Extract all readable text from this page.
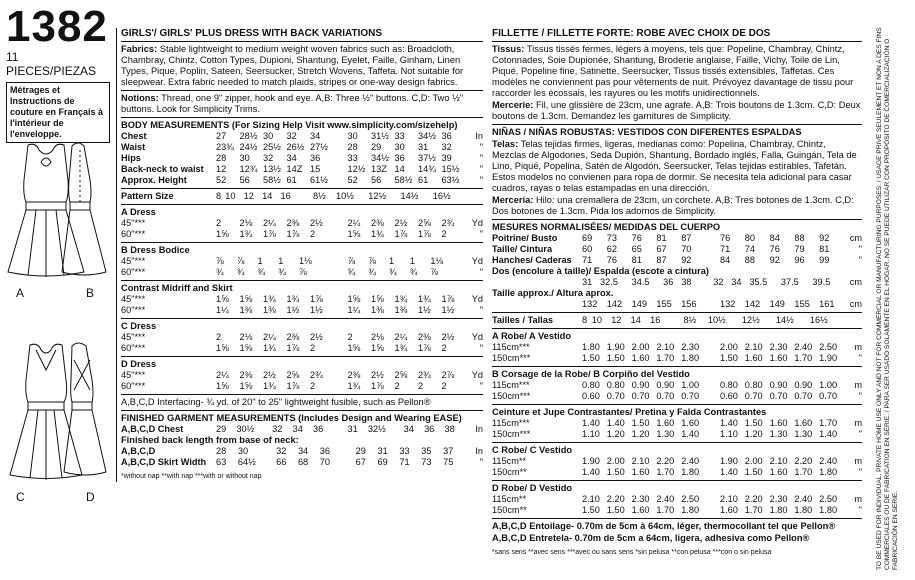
1382
11 PIECES/PIEZAS
Métrages et Instructions de couture en Français à l'intérieur de l'enveloppe.
A	B
C	D
GIRLS'/ GIRLS' PLUS DRESS WITH BACK VARIATIONS
Fabrics: Stable lightweight to medium weight woven fabrics such as: Broadcloth, Chambray, Chintz, Cotton Types, Dupioni, Shantung, Eyelet, Faille, Ginham, Linen Types, Pique, Poplin, Sateen, Seersucker, Stretch Wovens, Taffeta. Not suitable for sleepwear. Extra fabric needed to match plaids, stripes or one-way design fabrics.
Notions: Thread, one 9" zipper, hook and eye. A,B: Three ½" buttons. C,D: Two ½" buttons. Look for Simplicity Trims.
BODY MEASUREMENTS (For Sizing Help Visit www.simplicity.com/sizehelp)
Chest	27	28½	30	32	34		30	31½	33	34½	36	In
Waist	23¾	24½	25½	26½	27½		28	29	30	31	32	"
Hips	28	30	32	34	36		33	34½	36	37½	39	"
Back-neck to waist	12	12¾	13½	14Z	15		12½	13Z	14	14¾	15½	"
Approx. Height	52	56	58½	61	61½		52	56	58½	61	63½	"
Pattern Size	8	10	12	14	16		8½	10½	12½	14½	16½	
A Dress
45"***	2	2⅛	2¼	2⅜	2½		2¼	2⅜	2½	2⅝	2¾	Yd
60"***	1⅝	1¾	1⅞	1⅞	2		1⅝	1¾	1⅞	1⅞	2	"
B Dress Bodice
45"***	⅞	⅞	1	1	1⅛		⅞	⅞	1	1	1⅛	Yd
60"***	¾	¾	¾	¾	⅞		¾	¾	¾	¾	⅞	"
Contrast Midriff and Skirt
45"***	1⅝	1⅝	1¾	1¾	1⅞		1⅝	1⅝	1¾	1¾	1⅞	Yd
60"***	1¼	1⅜	1⅜	1½	1½		1¼	1⅜	1⅜	1½	1½	"
C Dress
45"***	2	2⅛	2¼	2⅜	2½		2	2⅛	2¼	2⅜	2½	Yd
60"***	1⅝	1⅝	1¾	1⅞	2		1⅝	1⅝	1¾	1⅞	2	"
D Dress
45"***	2¼	2⅜	2½	2⅝	2¾		2⅜	2½	2⅝	2¾	2⅞	Yd
60"***	1⅝	1⅝	1¾	1⅞	2		1¾	1⅞	2	2	2	"
A,B,C,D Interfacing- ¾ yd. of 20" to 25" lightweight fusible, such as Pellon®
FINISHED GARMENT MEASUREMENTS (Includes Design and Wearing EASE)
A,B,C,D Chest	29	30½	32	34	36		31	32½	34	36	38	In
Finished back length from base of neck:
A,B,C,D	28	30	32	34	36		29	31	33	35	37	In
A,B,C,D Skirt Width	63	64½	66	68	70		67	69	71	73	75	"
*without nap **with nap ***with or without nap
FILLETTE / FILLETTE FORTE: ROBE AVEC CHOIX DE DOS
Tissus: Tissus tissés fermes, légers à moyens, tels que: Popeline, Chambray, Chintz, Cotonnades, Soie Dupionée, Shantung, Broderie anglaise, Faille, Vichy, Toile de Lin, Piqué, Popeline fine, Satinette, Seersucker, Tissus tissés extensibles, Taffetas. Ces modèles ne conviennent pas pour vêtements de nuit. Prévoyez davantage de tissu pour raccorder les écossais, les rayures ou les motifs unidirectionnels.
Mercerie: Fil, une glissière de 23cm, une agrafe. A,B: Trois boutons de 1.3cm. C,D: Deux boutons de 1.3cm. Demandez les garnitures de Simplicity.
NIÑAS / NIÑAS ROBUSTAS: VESTIDOS CON DIFERENTES ESPALDAS
Telas: Telas tejidas firmes, ligeras, medianas como: Popelina, Chambray, Chintz, Mezclas de Algodones, Seda Dupión, Shantung, Bordado inglés, Falla, Guingán, Tela de Lino, Piqué, Popelina, Satén de Algodón, Seersucker, Telas tejidas estirables, Tafetán. Estos modelos no convienen para ropa de dormir. Se necesita tela adicional para casar cuadros, rayas o telas estampadas en una dirección.
Mercería: Hilo: una cremallera de 23cm, un corchete. A,B: Tres botones de 1.3cm. C,D: Dos botones de 1.3cm. Pida los adornos de Simplicity.
MESURES NORMALISÉES/ MEDIDAS DEL CUERPO
Poitrine/ Busto	69	73	76	81	87		76	80	84	88	92	cm
Taille/ Cintura	60	62	65	67	70		71	74	76	79	81	"
Hanches/ Caderas	71	76	81	87	92		84	88	92	96	99	"
Dos (encolure à taille)/ Espalda (escote a cintura)
	31	32.5	34.5	36	38		32	34	35.5	37.5	39.5	cm
Taille approx./ Altura aprox.
	132	142	149	155	156		132	142	149	155	161	cm
Tailles / Tallas	8	10	12	14	16		8½	10½	12½	14½	16½	
A Robe/ A Vestido
115cm***	1.80	1.90	2.00	2.10	2.30		2.00	2.10	2.30	2.40	2.50	m
150cm***	1.50	1.50	1.60	1.70	1.80		1.50	1.60	1.60	1.70	1.90	"
B Corsage de la Robe/ B Corpiño del Vestido
115cm***	0.80	0.80	0.90	0.90	1.00		0.80	0.80	0.90	0.90	1.00	m
150cm***	0.60	0.70	0.70	0.70	0.70		0.60	0.70	0.70	0.70	0.70	"
Ceinture et Jupe Contrastantes/ Pretina y Falda Contrastantes
115cm***	1.40	1.40	1.50	1.60	1.60		1.40	1.50	1.60	1.60	1.70	m
150cm***	1.10	1.20	1.20	1.30	1.40		1.10	1.20	1.30	1.30	1.40	"
C Robe/ C Vestido
115cm**	1.90	2.00	2.10	2.20	2.40		1.90	2.00	2.10	2.20	2.40	m
150cm**	1.40	1.50	1.60	1.70	1.80		1.40	1.50	1.60	1.70	1.80	"
D Robe/ D Vestido
115cm**	2.10	2.20	2.30	2.40	2.50		2.10	2.20	2.30	2.40	2.50	m
150cm**	1.50	1.50	1.60	1.70	1.80		1.60	1.70	1.80	1.80	1.80	"
A,B,C,D Entoilage- 0.70m de 5cm à 64cm, léger, thermocollant tel que Pellon®
A,B,C,D Entretela- 0.70m de 5cm a 64cm, ligera, adhesiva como Pellon®
*sans sens **avec sens ***avec ou sans sens *sin pelusa **con pelusa ***con o sin pelusa	TO BE USED FOR INDIVIDUAL, PRIVATE HOME USE ONLY AND NOT FOR COMMERCIAL OR MANUFACTURING PURPOSES. / USAGE PRIVE SEULEMENT ET NON A DES FINS COMMERCIALES OU DE FABRICATION EN SÉRIE. / PARA SER USADO SOLAMENTE EN EL HOGAR, NO SE PUEDE UTILIZAR CON PROPÓSITO DE COMERCIALIZACIÓN O FABRICACIÓN EN SERIE.
